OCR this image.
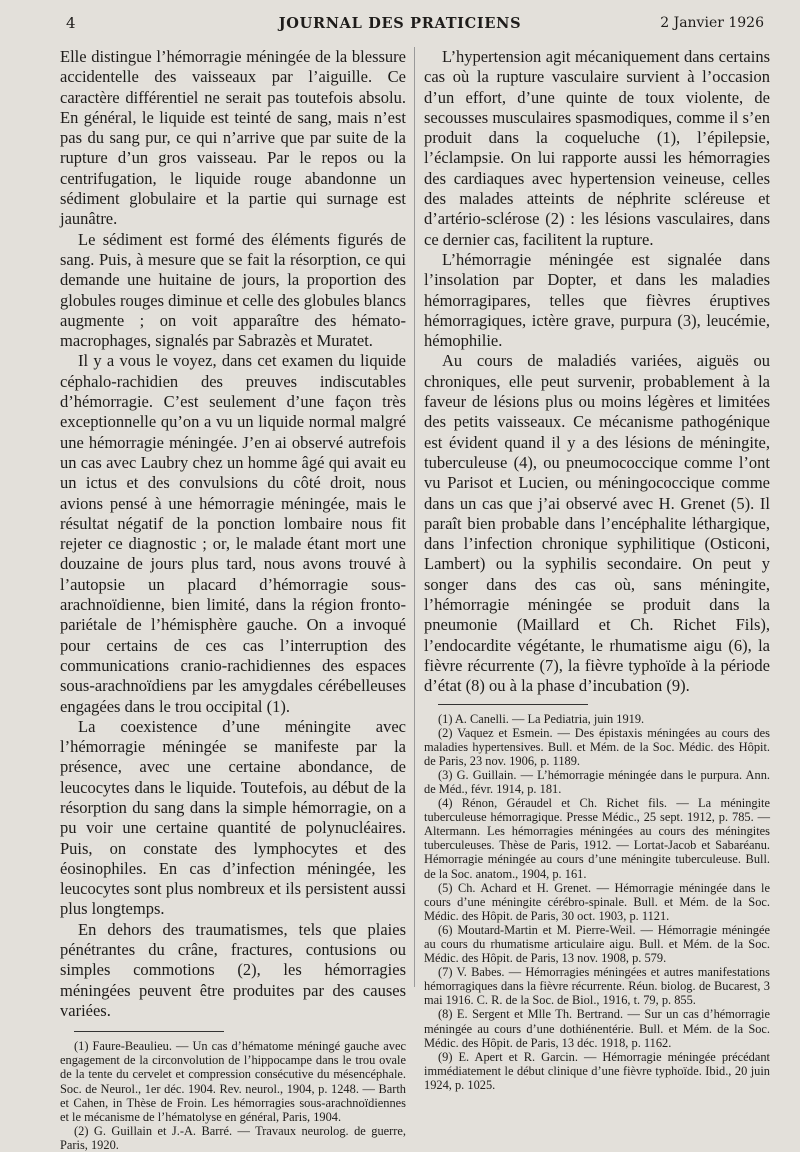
4	JOURNAL DES PRATICIENS	2 Janvier 1926

Elle distingue l’hémorragie méningée de la blessure accidentelle des vaisseaux par l’aiguille. Ce caractère différentiel ne serait pas toutefois absolu. En général, le liquide est teinté de sang, mais n’est pas du sang pur, ce qui n’arrive que par suite de la rupture d’un gros vaisseau. Par le repos ou la centrifugation, le liquide rouge abandonne un sédiment globulaire et la partie qui surnage est jaunâtre.

Le sédiment est formé des éléments figurés de sang. Puis, à mesure que se fait la résorption, ce qui demande une huitaine de jours, la proportion des globules rouges diminue et celle des globules blancs augmente ; on voit apparaître des hémato-macrophages, signalés par Sabrazès et Muratet.

Il y a vous le voyez, dans cet examen du liquide céphalo-rachidien des preuves indiscutables d’hémorragie. C’est seulement d’une façon très exceptionnelle qu’on a vu un liquide normal malgré une hémorragie méningée. J’en ai observé autrefois un cas avec Laubry chez un homme âgé qui avait eu un ictus et des convulsions du côté droit, nous avions pensé à une hémorragie méningée, mais le résultat négatif de la ponction lombaire nous fit rejeter ce diagnostic ; or, le malade étant mort une douzaine de jours plus tard, nous avons trouvé à l’autopsie un placard d’hémorragie sous-arachnoïdienne, bien limité, dans la région fronto-pariétale de l’hémisphère gauche. On a invoqué pour certains de ces cas l’interruption des communications cranio-rachidiennes des espaces sous-arachnoïdiens par les amygdales cérébelleuses engagées dans le trou occipital (1).

La coexistence d’une méningite avec l’hémorragie méningée se manifeste par la présence, avec une certaine abondance, de leucocytes dans le liquide. Toutefois, au début de la résorption du sang dans la simple hémorragie, on a pu voir une certaine quantité de polynucléaires. Puis, on constate des lymphocytes et des éosinophiles. En cas d’infection méningée, les leucocytes sont plus nombreux et ils persistent aussi plus longtemps.

En dehors des traumatismes, tels que plaies pénétrantes du crâne, fractures, contusions ou simples commotions (2), les hémorragies méningées peuvent être produites par des causes variées.

(1) Faure-Beaulieu. — Un cas d’hématome méningé gauche avec engagement de la circonvolution de l’hippocampe dans le trou ovale de la tente du cervelet et compression consécutive du mésencéphale. Soc. de Neurol., 1er déc. 1904. Rev. neurol., 1904, p. 1248. — Barth et Cahen, in Thèse de Froin. Les hémorragies sous-arachnoïdiennes et le mécanisme de l’hématolyse en général, Paris, 1904.

(2) G. Guillain et J.-A. Barré. — Travaux neurolog. de guerre, Paris, 1920.

L’hypertension agit mécaniquement dans certains cas où la rupture vasculaire survient à l’occasion d’un effort, d’une quinte de toux violente, de secousses musculaires spasmodiques, comme il s’en produit dans la coqueluche (1), l’épilepsie, l’éclampsie. On lui rapporte aussi les hémorragies des cardiaques avec hypertension veineuse, celles des malades atteints de néphrite scléreuse et d’artério-sclérose (2) : les lésions vasculaires, dans ce dernier cas, facilitent la rupture.

L’hémorragie méningée est signalée dans l’insolation par Dopter, et dans les maladies hémorragipares, telles que fièvres éruptives hémorragiques, ictère grave, purpura (3), leucémie, hémophilie.

Au cours de maladiés variées, aiguës ou chroniques, elle peut survenir, probablement à la faveur de lésions plus ou moins légères et limitées des petits vaisseaux. Ce mécanisme pathogénique est évident quand il y a des lésions de méningite, tuberculeuse (4), ou pneumococcique comme l’ont vu Parisot et Lucien, ou méningococcique comme dans un cas que j’ai observé avec H. Grenet (5). Il paraît bien probable dans l’encéphalite léthargique, dans l’infection chronique syphilitique (Osticoni, Lambert) ou la syphilis secondaire. On peut y songer dans des cas où, sans méningite, l’hémorragie méningée se produit dans la pneumonie (Maillard et Ch. Richet Fils), l’endocardite végétante, le rhumatisme aigu (6), la fièvre récurrente (7), la fièvre typhoïde à la période d’état (8) ou à la phase d’incubation (9).

(1) A. Canelli. — La Pediatria, juin 1919.

(2) Vaquez et Esmein. — Des épistaxis méningées au cours des maladies hypertensives. Bull. et Mém. de la Soc. Médic. des Hôpit. de Paris, 23 nov. 1906, p. 1189.

(3) G. Guillain. — L’hémorragie méningée dans le purpura. Ann. de Méd., févr. 1914, p. 181.

(4) Rénon, Géraudel et Ch. Richet fils. — La méningite tuberculeuse hémorragique. Presse Médic., 25 sept. 1912, p. 785. — Altermann. Les hémorragies méningées au cours des méningites tuberculeuses. Thèse de Paris, 1912. — Lortat-Jacob et Sabaréanu. Hémorragie méningée au cours d’une méningite tuberculeuse. Bull. de la Soc. anatom., 1904, p. 161.

(5) Ch. Achard et H. Grenet. — Hémorragie méningée dans le cours d’une méningite cérébro-spinale. Bull. et Mém. de la Soc. Médic. des Hôpit. de Paris, 30 oct. 1903, p. 1121.

(6) Moutard-Martin et M. Pierre-Weil. — Hémorragie méningée au cours du rhumatisme articulaire aigu. Bull. et Mém. de la Soc. Médic. des Hôpit. de Paris, 13 nov. 1908, p. 579.

(7) V. Babes. — Hémorragies méningées et autres manifestations hémorragiques dans la fièvre récurrente. Réun. biolog. de Bucarest, 3 mai 1916. C. R. de la Soc. de Biol., 1916, t. 79, p. 855.

(8) E. Sergent et Mlle Th. Bertrand. — Sur un cas d’hémorragie méningée au cours d’une dothiénentérie. Bull. et Mém. de la Soc. Médic. des Hôpit. de Paris, 13 déc. 1918, p. 1162.

(9) E. Apert et R. Garcin. — Hémorragie méningée précédant immédiatement le début clinique d’une fièvre typhoïde. Ibid., 20 juin 1924, p. 1025.
